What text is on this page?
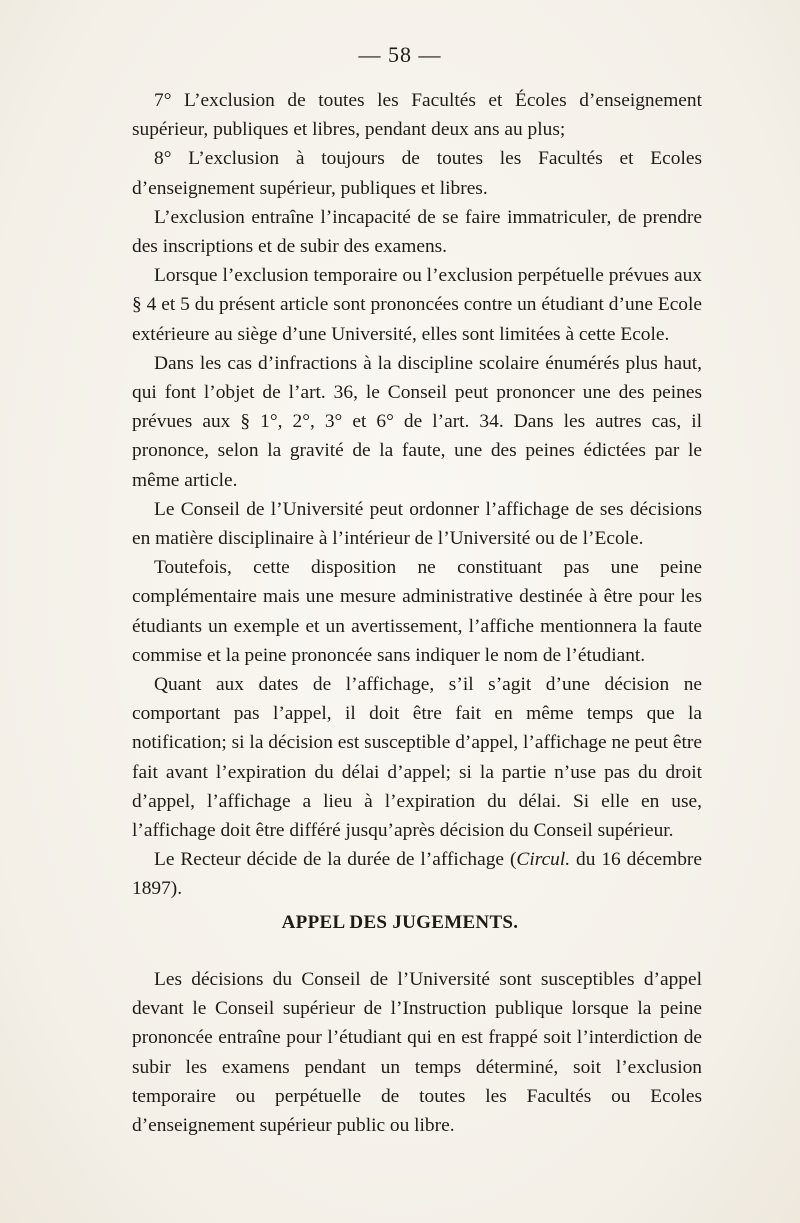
— 58 —

7° L’exclusion de toutes les Facultés et Écoles d’enseignement supérieur, publiques et libres, pendant deux ans au plus;

8° L’exclusion à toujours de toutes les Facultés et Ecoles d’enseignement supérieur, publiques et libres.

L’exclusion entraîne l’incapacité de se faire immatriculer, de prendre des inscriptions et de subir des examens.

Lorsque l’exclusion temporaire ou l’exclusion perpétuelle prévues aux § 4 et 5 du présent article sont prononcées contre un étudiant d’une Ecole extérieure au siège d’une Université, elles sont limitées à cette Ecole.

Dans les cas d’infractions à la discipline scolaire énumérés plus haut, qui font l’objet de l’art. 36, le Conseil peut prononcer une des peines prévues aux § 1°, 2°, 3° et 6° de l’art. 34. Dans les autres cas, il prononce, selon la gravité de la faute, une des peines édictées par le même article.

Le Conseil de l’Université peut ordonner l’affichage de ses décisions en matière disciplinaire à l’intérieur de l’Université ou de l’Ecole.

Toutefois, cette disposition ne constituant pas une peine complémentaire mais une mesure administrative destinée à être pour les étudiants un exemple et un avertissement, l’affiche mentionnera la faute commise et la peine prononcée sans indiquer le nom de l’étudiant.

Quant aux dates de l’affichage, s’il s’agit d’une décision ne comportant pas l’appel, il doit être fait en même temps que la notification; si la décision est susceptible d’appel, l’affichage ne peut être fait avant l’expiration du délai d’appel; si la partie n’use pas du droit d’appel, l’affichage a lieu à l’expiration du délai. Si elle en use, l’affichage doit être différé jusqu’après décision du Conseil supérieur.

Le Recteur décide de la durée de l’affichage (Circul. du 16 décembre 1897).

APPEL DES JUGEMENTS.

Les décisions du Conseil de l’Université sont susceptibles d’appel devant le Conseil supérieur de l’Instruction publique lorsque la peine prononcée entraîne pour l’étudiant qui en est frappé soit l’interdiction de subir les examens pendant un temps déterminé, soit l’exclusion temporaire ou perpétuelle de toutes les Facultés ou Ecoles d’enseignement supérieur public ou libre.
